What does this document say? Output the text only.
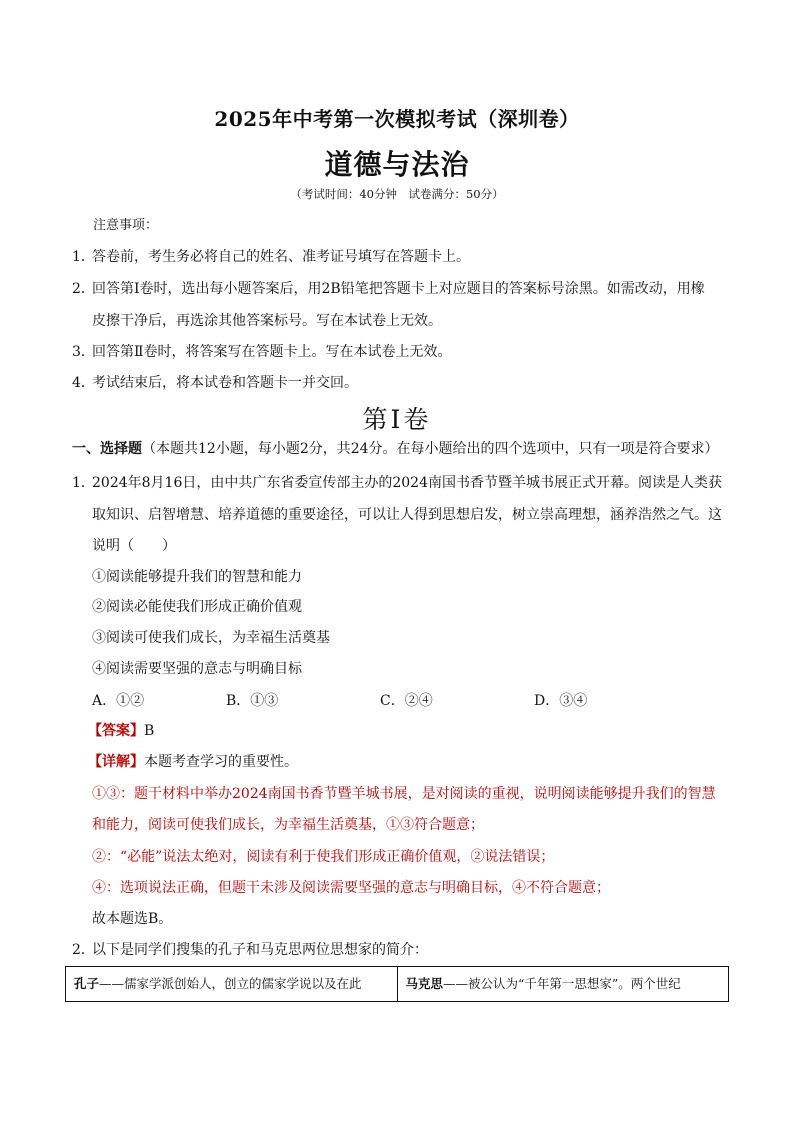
2025年中考第一次模拟考试（深圳卷）
道德与法治
（考试时间：40分钟　试卷满分：50分）
注意事项：
1．答卷前，考生务必将自己的姓名、准考证号填写在答题卡上。
2．回答第Ⅰ卷时，选出每小题答案后，用2B铅笔把答题卡上对应题目的答案标号涂黑。如需改动，用橡
皮擦干净后，再选涂其他答案标号。写在本试卷上无效。
3．回答第Ⅱ卷时，将答案写在答题卡上。写在本试卷上无效。
4．考试结束后，将本试卷和答题卡一并交回。
第Ⅰ卷
一、选择题（本题共12小题，每小题2分，共24分。在每小题给出的四个选项中，只有一项是符合要求）
1．2024年8月16日，由中共广东省委宣传部主办的2024南国书香节暨羊城书展正式开幕。阅读是人类获
取知识、启智增慧、培养道德的重要途径，可以让人得到思想启发，树立崇高理想，涵养浩然之气。这
说明（　　）
①阅读能够提升我们的智慧和能力
②阅读必能使我们形成正确价值观
③阅读可使我们成长，为幸福生活奠基
④阅读需要坚强的意志与明确目标
A．①②	B．①③	C．②④	D．③④
【答案】B
【详解】本题考查学习的重要性。
①③：题干材料中举办2024南国书香节暨羊城书展，是对阅读的重视，说明阅读能够提升我们的智慧
和能力，阅读可使我们成长，为幸福生活奠基，①③符合题意；
②：“必能”说法太绝对，阅读有利于使我们形成正确价值观，②说法错误；
④：选项说法正确，但题干未涉及阅读需要坚强的意志与明确目标，④不符合题意；
故本题选B。
2．以下是同学们搜集的孔子和马克思两位思想家的简介：
孔子——儒家学派创始人，创立的儒家学说以及在此	马克思——被公认为“千年第一思想家”。两个世纪
